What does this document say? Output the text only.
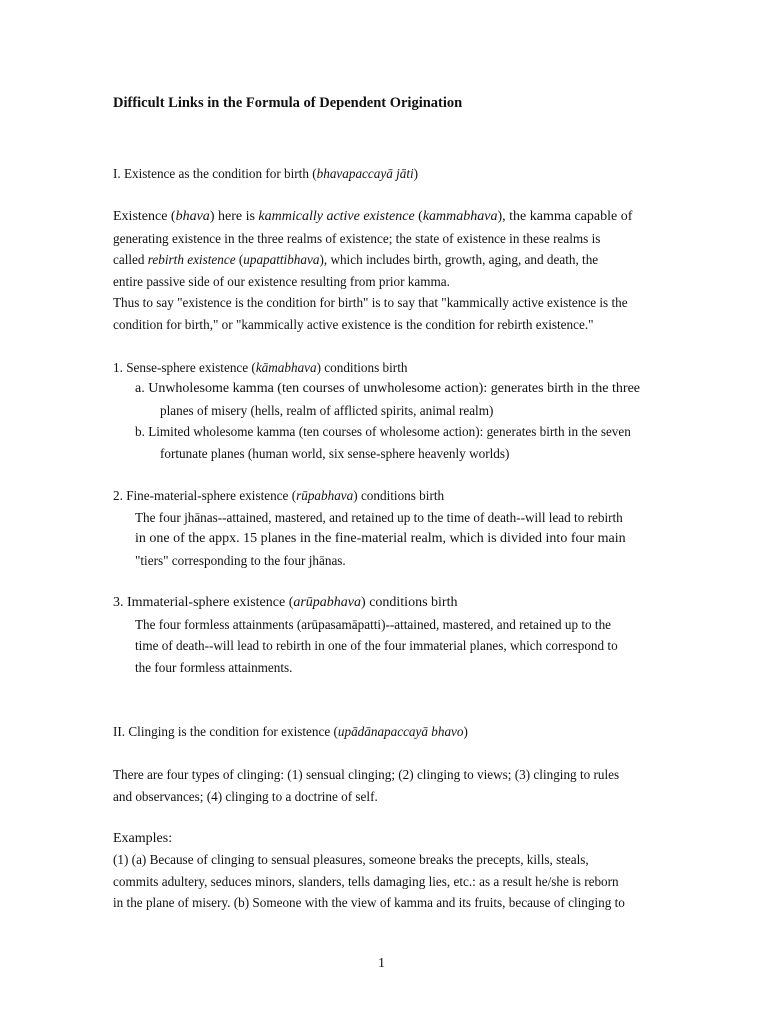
Difficult Links in the Formula of Dependent Origination
I. Existence as the condition for birth (bhavapaccayā jāti)
Existence (bhava) here is kammically active existence (kammabhava), the kamma capable of
generating existence in the three realms of existence; the state of existence in these realms is
called rebirth existence (upapattibhava), which includes birth, growth, aging, and death, the
entire passive side of our existence resulting from prior kamma.
Thus to say "existence is the condition for birth" is to say that "kammically active existence is the
condition for birth," or "kammically active existence is the condition for rebirth existence."
1. Sense-sphere existence (kāmabhava) conditions birth
a. Unwholesome kamma (ten courses of unwholesome action): generates birth in the three
planes of misery (hells, realm of afflicted spirits, animal realm)
b. Limited wholesome kamma (ten courses of wholesome action): generates birth in the seven
fortunate planes (human world, six sense-sphere heavenly worlds)
2. Fine-material-sphere existence (rūpabhava) conditions birth
The four jhānas--attained, mastered, and retained up to the time of death--will lead to rebirth
in one of the appx. 15 planes in the fine-material realm, which is divided into four main
"tiers" corresponding to the four jhānas.
3. Immaterial-sphere existence (arūpabhava) conditions birth
The four formless attainments (arūpasamāpatti)--attained, mastered, and retained up to the
time of death--will lead to rebirth in one of the four immaterial planes, which correspond to
the four formless attainments.
II. Clinging is the condition for existence (upādānapaccayā bhavo)
There are four types of clinging: (1) sensual clinging; (2) clinging to views; (3) clinging to rules
and observances; (4) clinging to a doctrine of self.
Examples:
(1) (a) Because of clinging to sensual pleasures, someone breaks the precepts, kills, steals,
commits adultery, seduces minors, slanders, tells damaging lies, etc.: as a result he/she is reborn
in the plane of misery. (b) Someone with the view of kamma and its fruits, because of clinging to
1
